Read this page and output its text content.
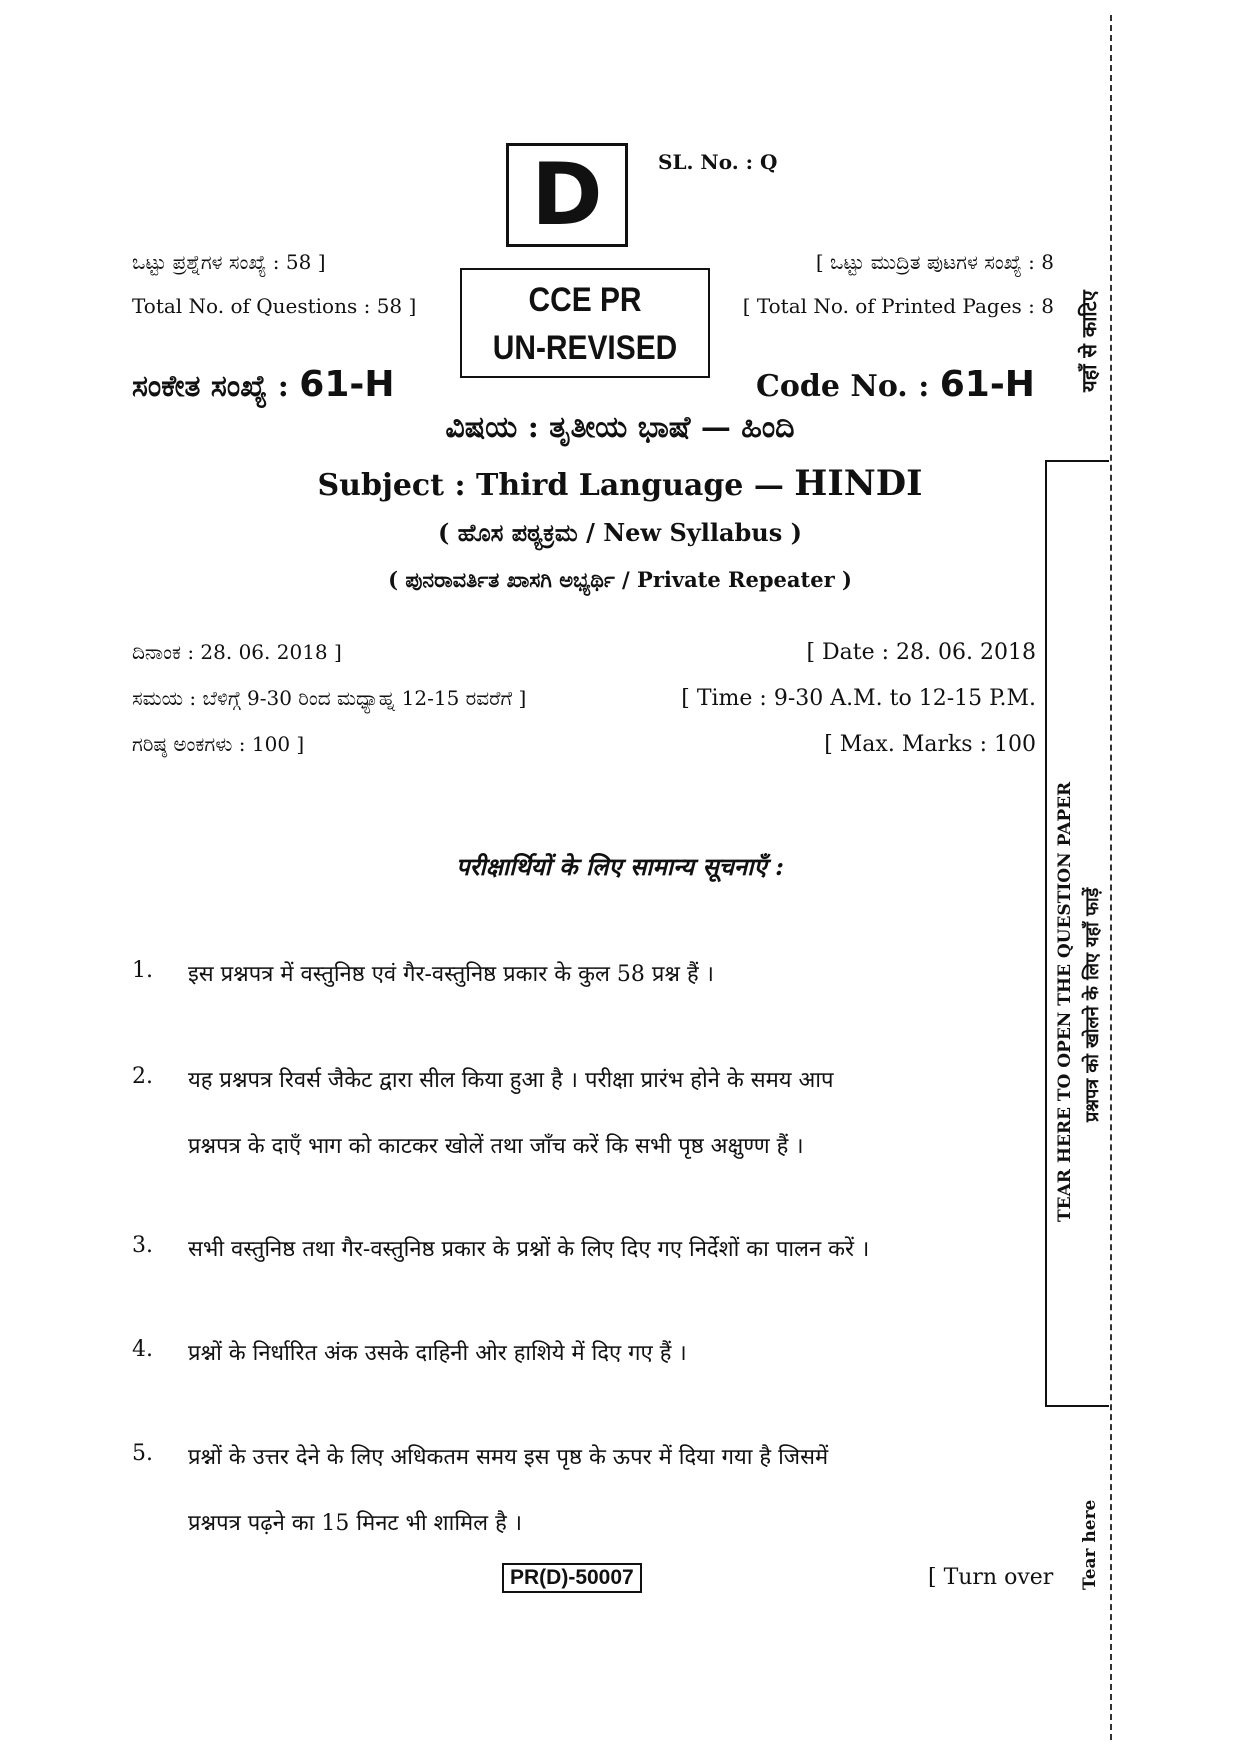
D	SL. No. : Q
ಒಟ್ಟು ಪ್ರಶ್ನೆಗಳ ಸಂಖ್ಯೆ : 58 ]
Total No. of Questions : 58 ]
[ ಒಟ್ಟು ಮುದ್ರಿತ ಪುಟಗಳ ಸಂಖ್ಯೆ : 8
[ Total No. of Printed Pages : 8
CCE PR
UN-REVISED
ಸಂಕೇತ ಸಂಖ್ಯೆ : 61-H	Code No. : 61-H
ವಿಷಯ : ತೃತೀಯ ಭಾಷೆ — ಹಿಂದಿ
Subject : Third Language — HINDI
( ಹೊಸ ಪಠ್ಯಕ್ರಮ / New Syllabus )
( ಪುನರಾವರ್ತಿತ ಖಾಸಗಿ ಅಭ್ಯರ್ಥಿ / Private Repeater )
ದಿನಾಂಕ : 28. 06. 2018 ]	[ Date : 28. 06. 2018
ಸಮಯ : ಬೆಳಿಗ್ಗೆ 9-30 ರಿಂದ ಮಧ್ಯಾಹ್ನ 12-15 ರವರೆಗೆ ]	[ Time : 9-30 A.M. to 12-15 P.M.
ಗರಿಷ್ಠ ಅಂಕಗಳು : 100 ]	[ Max. Marks : 100
परीक्षार्थियों के लिए सामान्य सूचनाएँ :
1. इस प्रश्नपत्र में वस्तुनिष्ठ एवं गैर-वस्तुनिष्ठ प्रकार के कुल 58 प्रश्न हैं ।
2. यह प्रश्नपत्र रिवर्स जैकेट द्वारा सील किया हुआ है । परीक्षा प्रारंभ होने के समय आप
प्रश्नपत्र के दाएँ भाग को काटकर खोलें तथा जाँच करें कि सभी पृष्ठ अक्षुण्ण हैं ।
3. सभी वस्तुनिष्ठ तथा गैर-वस्तुनिष्ठ प्रकार के प्रश्नों के लिए दिए गए निर्देशों का पालन करें ।
4. प्रश्नों के निर्धारित अंक उसके दाहिनी ओर हाशिये में दिए गए हैं ।
5. प्रश्नों के उत्तर देने के लिए अधिकतम समय इस पृष्ठ के ऊपर में दिया गया है जिसमें
प्रश्नपत्र पढ़ने का 15 मिनट भी शामिल है ।
PR(D)-50007	[ Turn over
यहाँ से काटिए
TEAR HERE TO OPEN THE QUESTION PAPER प्रश्नपत्र को खोलने के लिए यहाँ फाड़ें
Tear here
